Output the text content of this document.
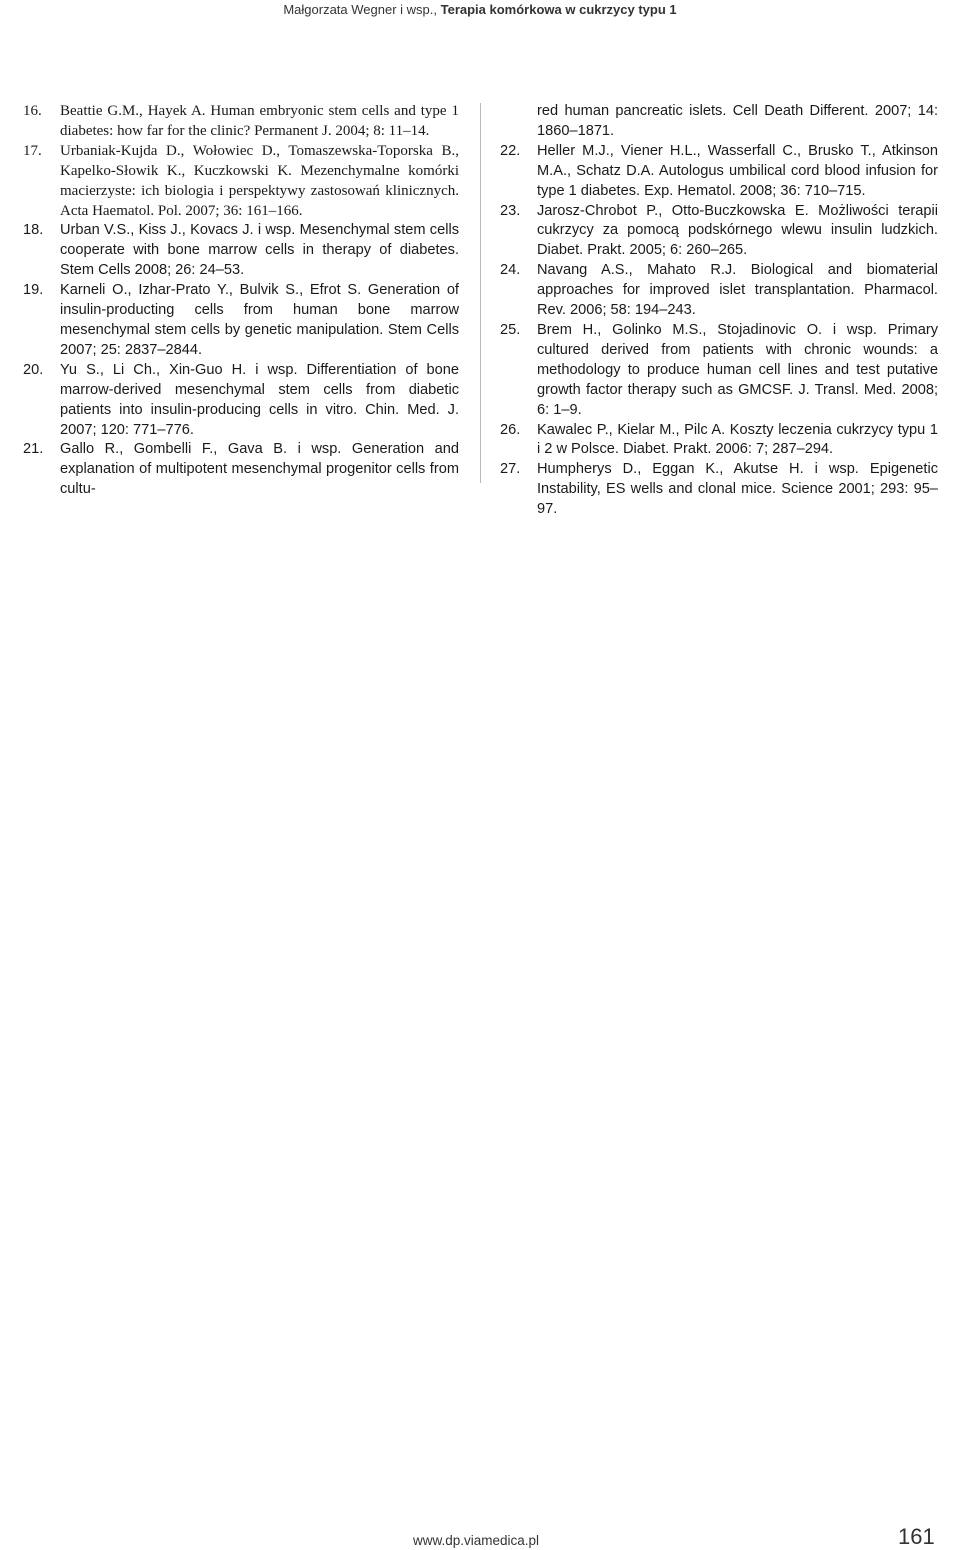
Małgorzata Wegner i wsp., Terapia komórkowa w cukrzycy typu 1

16.	Beattie G.M., Hayek A. Human embryonic stem cells and type 1 diabetes: how far for the clinic? Permanent J. 2004; 8: 11–14.

17.	Urbaniak-Kujda D., Wołowiec D., Tomaszewska-Toporska B., Kapelko-Słowik K., Kuczkowski K. Mezenchymalne komórki macierzyste: ich biologia i perspektywy zastosowań klinicznych. Acta Haematol. Pol. 2007; 36: 161–166.

18.	Urban V.S., Kiss J., Kovacs J. i wsp. Mesenchymal stem cells cooperate with bone marrow cells in therapy of diabetes. Stem Cells 2008; 26: 24–53.

19.	Karneli O., Izhar-Prato Y., Bulvik S., Efrot S. Generation of insulin-producting cells from human bone marrow mesenchymal stem cells by genetic manipulation. Stem Cells 2007; 25: 2837–2844.

20.	Yu S., Li Ch., Xin-Guo H. i wsp. Differentiation of bone marrow-derived mesenchymal stem cells from diabetic patients into insulin-producing cells in vitro. Chin. Med. J. 2007; 120: 771–776.

21.	Gallo R., Gombelli F., Gava B. i wsp. Generation and explanation of multipotent mesenchymal progenitor cells from cultu-

red human pancreatic islets. Cell Death Different. 2007; 14: 1860–1871.

22.	Heller M.J., Viener H.L., Wasserfall C., Brusko T., Atkinson M.A., Schatz D.A. Autologus umbilical cord blood infusion for type 1 diabetes. Exp. Hematol. 2008; 36: 710–715.

23.	Jarosz-Chrobot P., Otto-Buczkowska E. Możliwości terapii cukrzycy za pomocą podskórnego wlewu insulin ludzkich. Diabet. Prakt. 2005; 6: 260–265.

24.	Navang A.S., Mahato R.J. Biological and biomaterial approaches for improved islet transplantation. Pharmacol. Rev. 2006; 58: 194–243.

25.	Brem H., Golinko M.S., Stojadinovic O. i wsp. Primary cultured derived from patients with chronic wounds: a methodology to produce human cell lines and test putative growth factor therapy such as GMCSF. J. Transl. Med. 2008; 6: 1–9.

26.	Kawalec P., Kielar M., Pilc A. Koszty leczenia cukrzycy typu 1 i 2 w Polsce. Diabet. Prakt. 2006: 7; 287–294.

27.	Humpherys D., Eggan K., Akutse H. i wsp. Epigenetic Instability, ES wells and clonal mice. Science 2001; 293: 95–97.

www.dp.viamedica.pl	161
